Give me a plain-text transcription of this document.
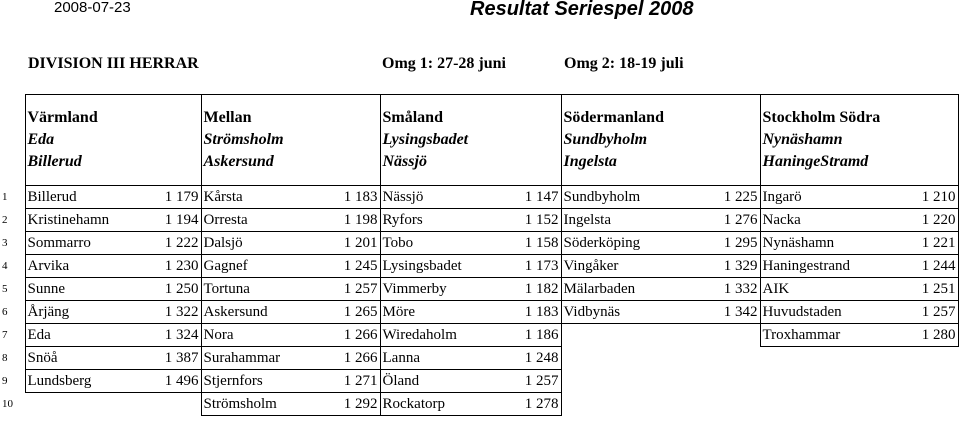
2008-07-23	Resultat Seriespel 2008
DIVISION III HERRAR	Omg 1: 27-28 juni	Omg 2: 18-19 juli

	Värmland		Mellan		Småland		Södermanland		Stockholm Södra	
	Eda		Strömsholm		Lysingsbadet		Sundbyholm		Nynäshamn	
	Billerud		Askersund		Nässjö		Ingelsta		HaningeStramd	

1	Billerud	1 179	Kårsta	1 183	Nässjö	1 147	Sundbyholm	1 225	Ingarö	1 210
2	Kristinehamn	1 194	Orresta	1 198	Ryfors	1 152	Ingelsta	1 276	Nacka	1 220
3	Sommarro	1 222	Dalsjö	1 201	Tobo	1 158	Söderköping	1 295	Nynäshamn	1 221
4	Arvika	1 230	Gagnef	1 245	Lysingsbadet	1 173	Vingåker	1 329	Haningestrand	1 244
5	Sunne	1 250	Tortuna	1 257	Vimmerby	1 182	Mälarbaden	1 332	AIK	1 251
6	Årjäng	1 322	Askersund	1 265	Möre	1 183	Vidbynäs	1 342	Huvudstaden	1 257
7	Eda	1 324	Nora	1 266	Wiredaholm	1 186			Troxhammar	1 280
8	Snöå	1 387	Surahammar	1 266	Lanna	1 248				
9	Lundsberg	1 496	Stjernfors	1 271	Öland	1 257				
10			Strömsholm	1 292	Rockatorp	1 278				
